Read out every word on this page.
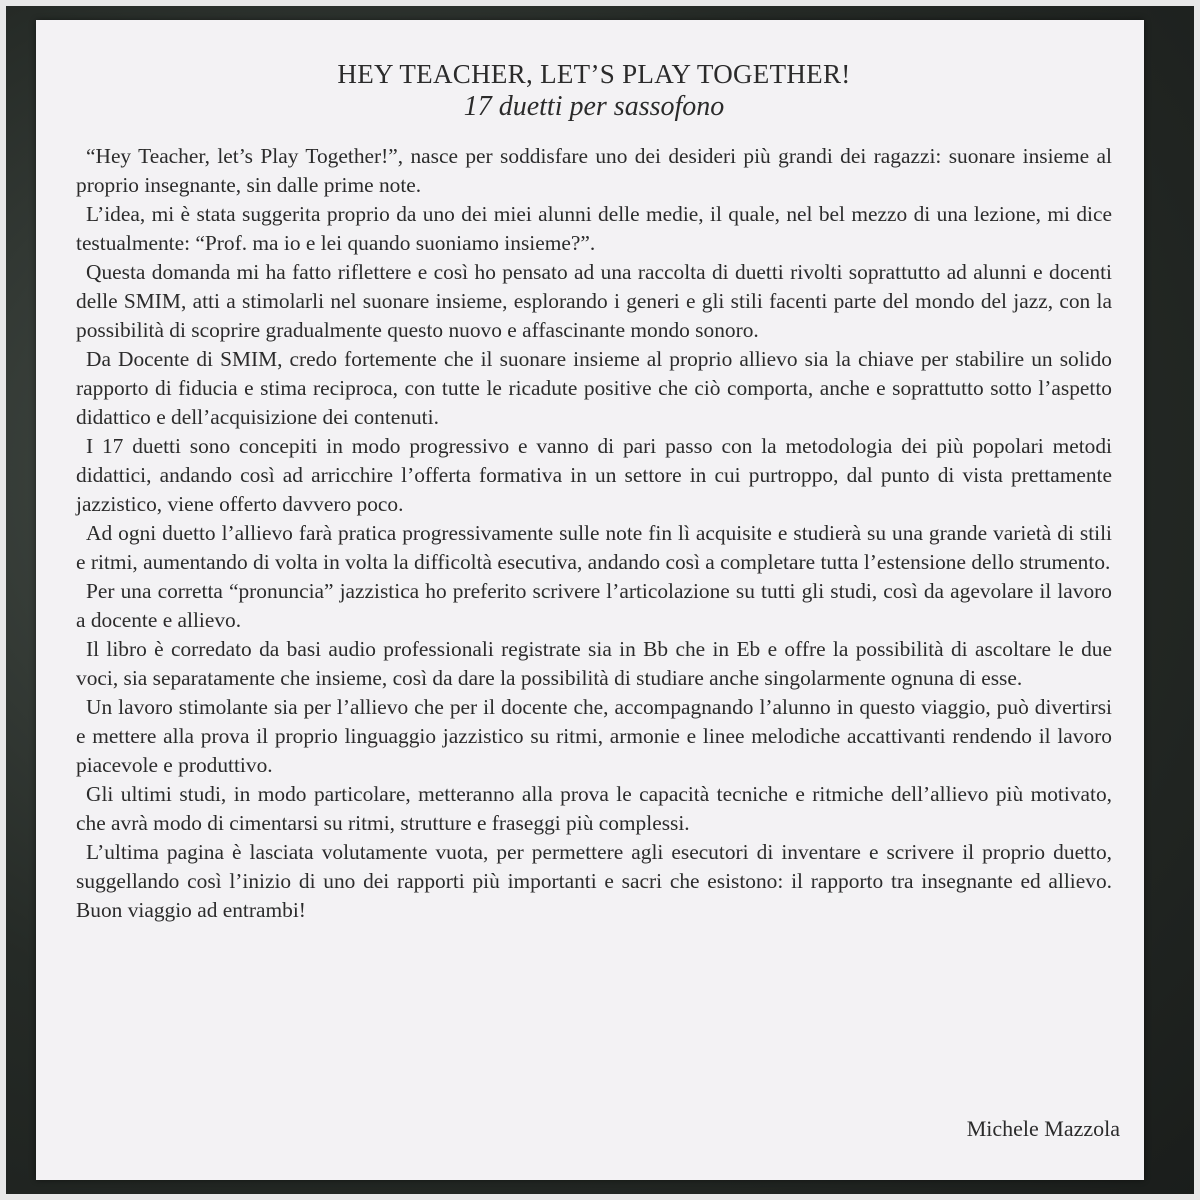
HEY TEACHER, LET’S PLAY TOGETHER!
17 duetti per sassofono

“Hey Teacher, let’s Play Together!”, nasce per soddisfare uno dei desideri più grandi dei ragazzi: suonare insieme al proprio insegnante, sin dalle prime note.

L’idea, mi è stata suggerita proprio da uno dei miei alunni delle medie, il quale, nel bel mezzo di una lezione, mi dice testualmente: “Prof. ma io e lei quando suoniamo insieme?”.

Questa domanda mi ha fatto riflettere e così ho pensato ad una raccolta di duetti rivolti soprattutto ad alunni e docenti delle SMIM, atti a stimolarli nel suonare insieme, esplorando i generi e gli stili facenti parte del mondo del jazz, con la possibilità di scoprire gradualmente questo nuovo e affascinante mondo sonoro.

Da Docente di SMIM, credo fortemente che il suonare insieme al proprio allievo sia la chiave per stabilire un solido rapporto di fiducia e stima reciproca, con tutte le ricadute positive che ciò comporta, anche e soprattutto sotto l’aspetto didattico e dell’acquisizione dei contenuti.

I 17 duetti sono concepiti in modo progressivo e vanno di pari passo con la metodologia dei più popolari metodi didattici, andando così ad arricchire l’offerta formativa in un settore in cui purtroppo, dal punto di vista prettamente jazzistico, viene offerto davvero poco.

Ad ogni duetto l’allievo farà pratica progressivamente sulle note fin lì acquisite e studierà su una grande varietà di stili e ritmi, aumentando di volta in volta la difficoltà esecutiva, andando così a completare tutta l’estensione dello strumento.

Per una corretta “pronuncia” jazzistica ho preferito scrivere l’articolazione su tutti gli studi, così da agevolare il lavoro a docente e allievo.

Il libro è corredato da basi audio professionali registrate sia in Bb che in Eb e offre la possibilità di ascoltare le due voci, sia separatamente che insieme, così da dare la possibilità di studiare anche singolarmente ognuna di esse.

Un lavoro stimolante sia per l’allievo che per il docente che, accompagnando l’alunno in questo viaggio, può divertirsi e mettere alla prova il proprio linguaggio jazzistico su ritmi, armonie e linee melodiche accattivanti rendendo il lavoro piacevole e produttivo.

Gli ultimi studi, in modo particolare, metteranno alla prova le capacità tecniche e ritmiche dell’allievo più motivato, che avrà modo di cimentarsi su ritmi, strutture e fraseggi più complessi.

L’ultima pagina è lasciata volutamente vuota, per permettere agli esecutori di inventare e scrivere il proprio duetto, suggellando così l’inizio di uno dei rapporti più importanti e sacri che esistono: il rapporto tra insegnante ed allievo. Buon viaggio ad entrambi!

Michele Mazzola
